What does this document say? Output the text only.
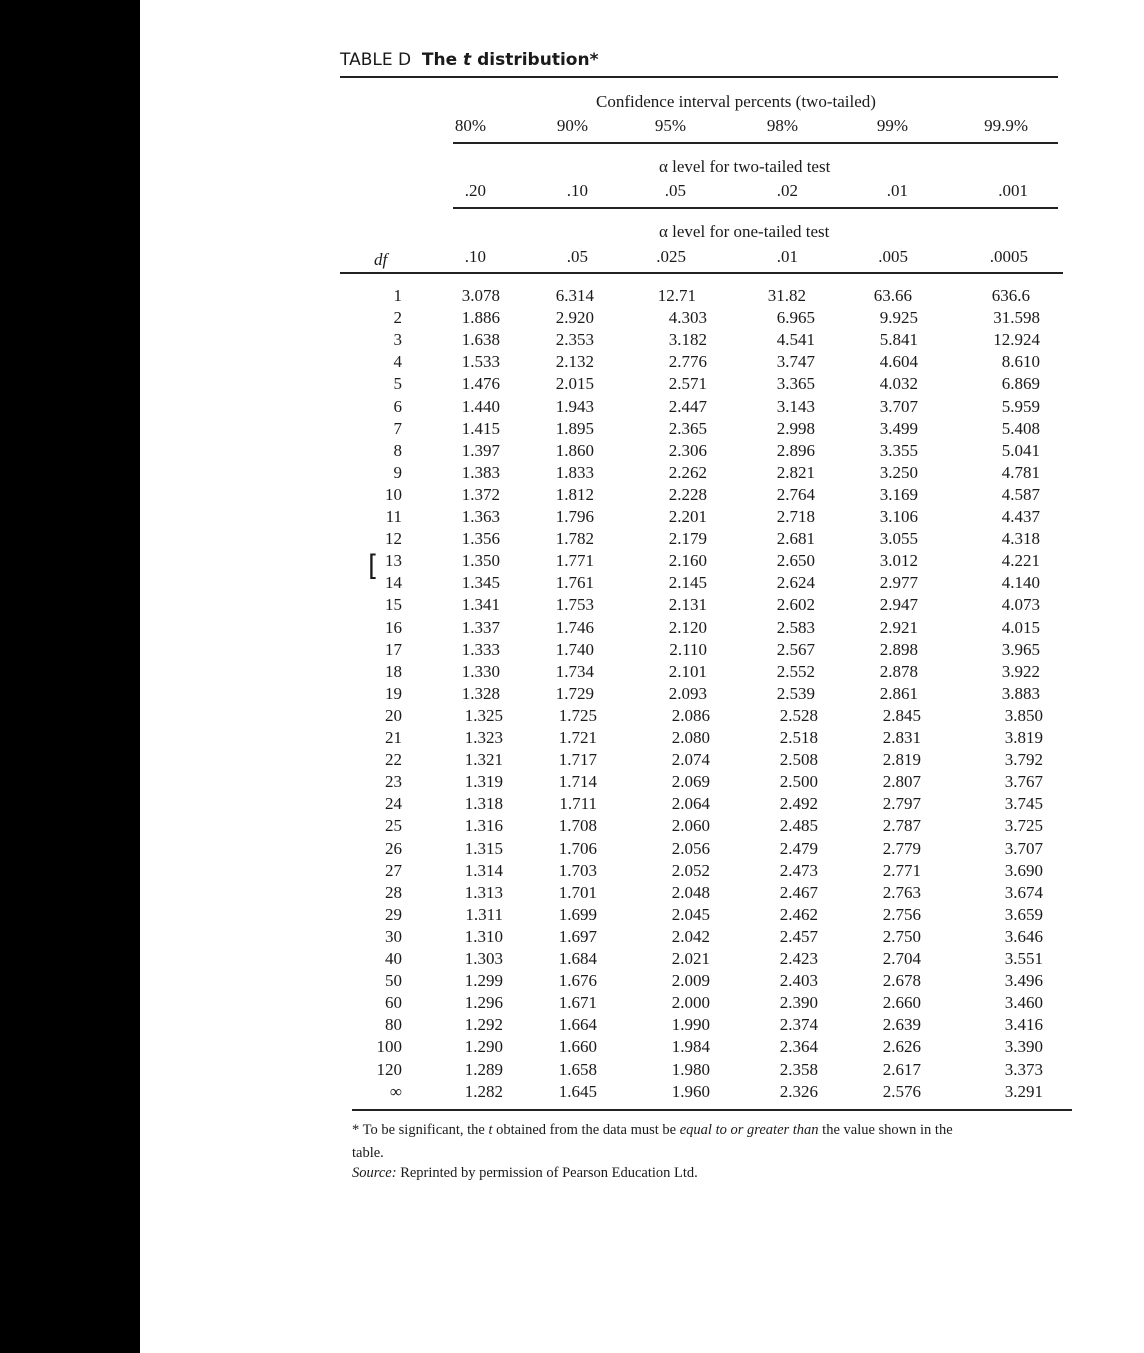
TABLE D The t distribution*
Confidence interval percents (two-tailed)
80%	90%	95%	98%	99%	99.9%
α level for two-tailed test
.20	.10	.05	.02	.01	.001
α level for one-tailed test
df	.10	.05	.025	.01	.005	.0005
1	3.078	6.314	12.71	31.82	63.66	636.6
2	1.886	2.920	4.303	6.965	9.925	31.598
3	1.638	2.353	3.182	4.541	5.841	12.924
4	1.533	2.132	2.776	3.747	4.604	8.610
5	1.476	2.015	2.571	3.365	4.032	6.869
6	1.440	1.943	2.447	3.143	3.707	5.959
7	1.415	1.895	2.365	2.998	3.499	5.408
8	1.397	1.860	2.306	2.896	3.355	5.041
9	1.383	1.833	2.262	2.821	3.250	4.781
10	1.372	1.812	2.228	2.764	3.169	4.587
11	1.363	1.796	2.201	2.718	3.106	4.437
12	1.356	1.782	2.179	2.681	3.055	4.318
13	1.350	1.771	2.160	2.650	3.012	4.221
14	1.345	1.761	2.145	2.624	2.977	4.140
15	1.341	1.753	2.131	2.602	2.947	4.073
16	1.337	1.746	2.120	2.583	2.921	4.015
17	1.333	1.740	2.110	2.567	2.898	3.965
18	1.330	1.734	2.101	2.552	2.878	3.922
19	1.328	1.729	2.093	2.539	2.861	3.883
20	1.325	1.725	2.086	2.528	2.845	3.850
21	1.323	1.721	2.080	2.518	2.831	3.819
22	1.321	1.717	2.074	2.508	2.819	3.792
23	1.319	1.714	2.069	2.500	2.807	3.767
24	1.318	1.711	2.064	2.492	2.797	3.745
25	1.316	1.708	2.060	2.485	2.787	3.725
26	1.315	1.706	2.056	2.479	2.779	3.707
27	1.314	1.703	2.052	2.473	2.771	3.690
28	1.313	1.701	2.048	2.467	2.763	3.674
29	1.311	1.699	2.045	2.462	2.756	3.659
30	1.310	1.697	2.042	2.457	2.750	3.646
40	1.303	1.684	2.021	2.423	2.704	3.551
50	1.299	1.676	2.009	2.403	2.678	3.496
60	1.296	1.671	2.000	2.390	2.660	3.460
80	1.292	1.664	1.990	2.374	2.639	3.416
100	1.290	1.660	1.984	2.364	2.626	3.390
120	1.289	1.658	1.980	2.358	2.617	3.373
∞	1.282	1.645	1.960	2.326	2.576	3.291
[
* To be significant, the t obtained from the data must be equal to or greater than the value shown in the
table.
Source: Reprinted by permission of Pearson Education Ltd.
